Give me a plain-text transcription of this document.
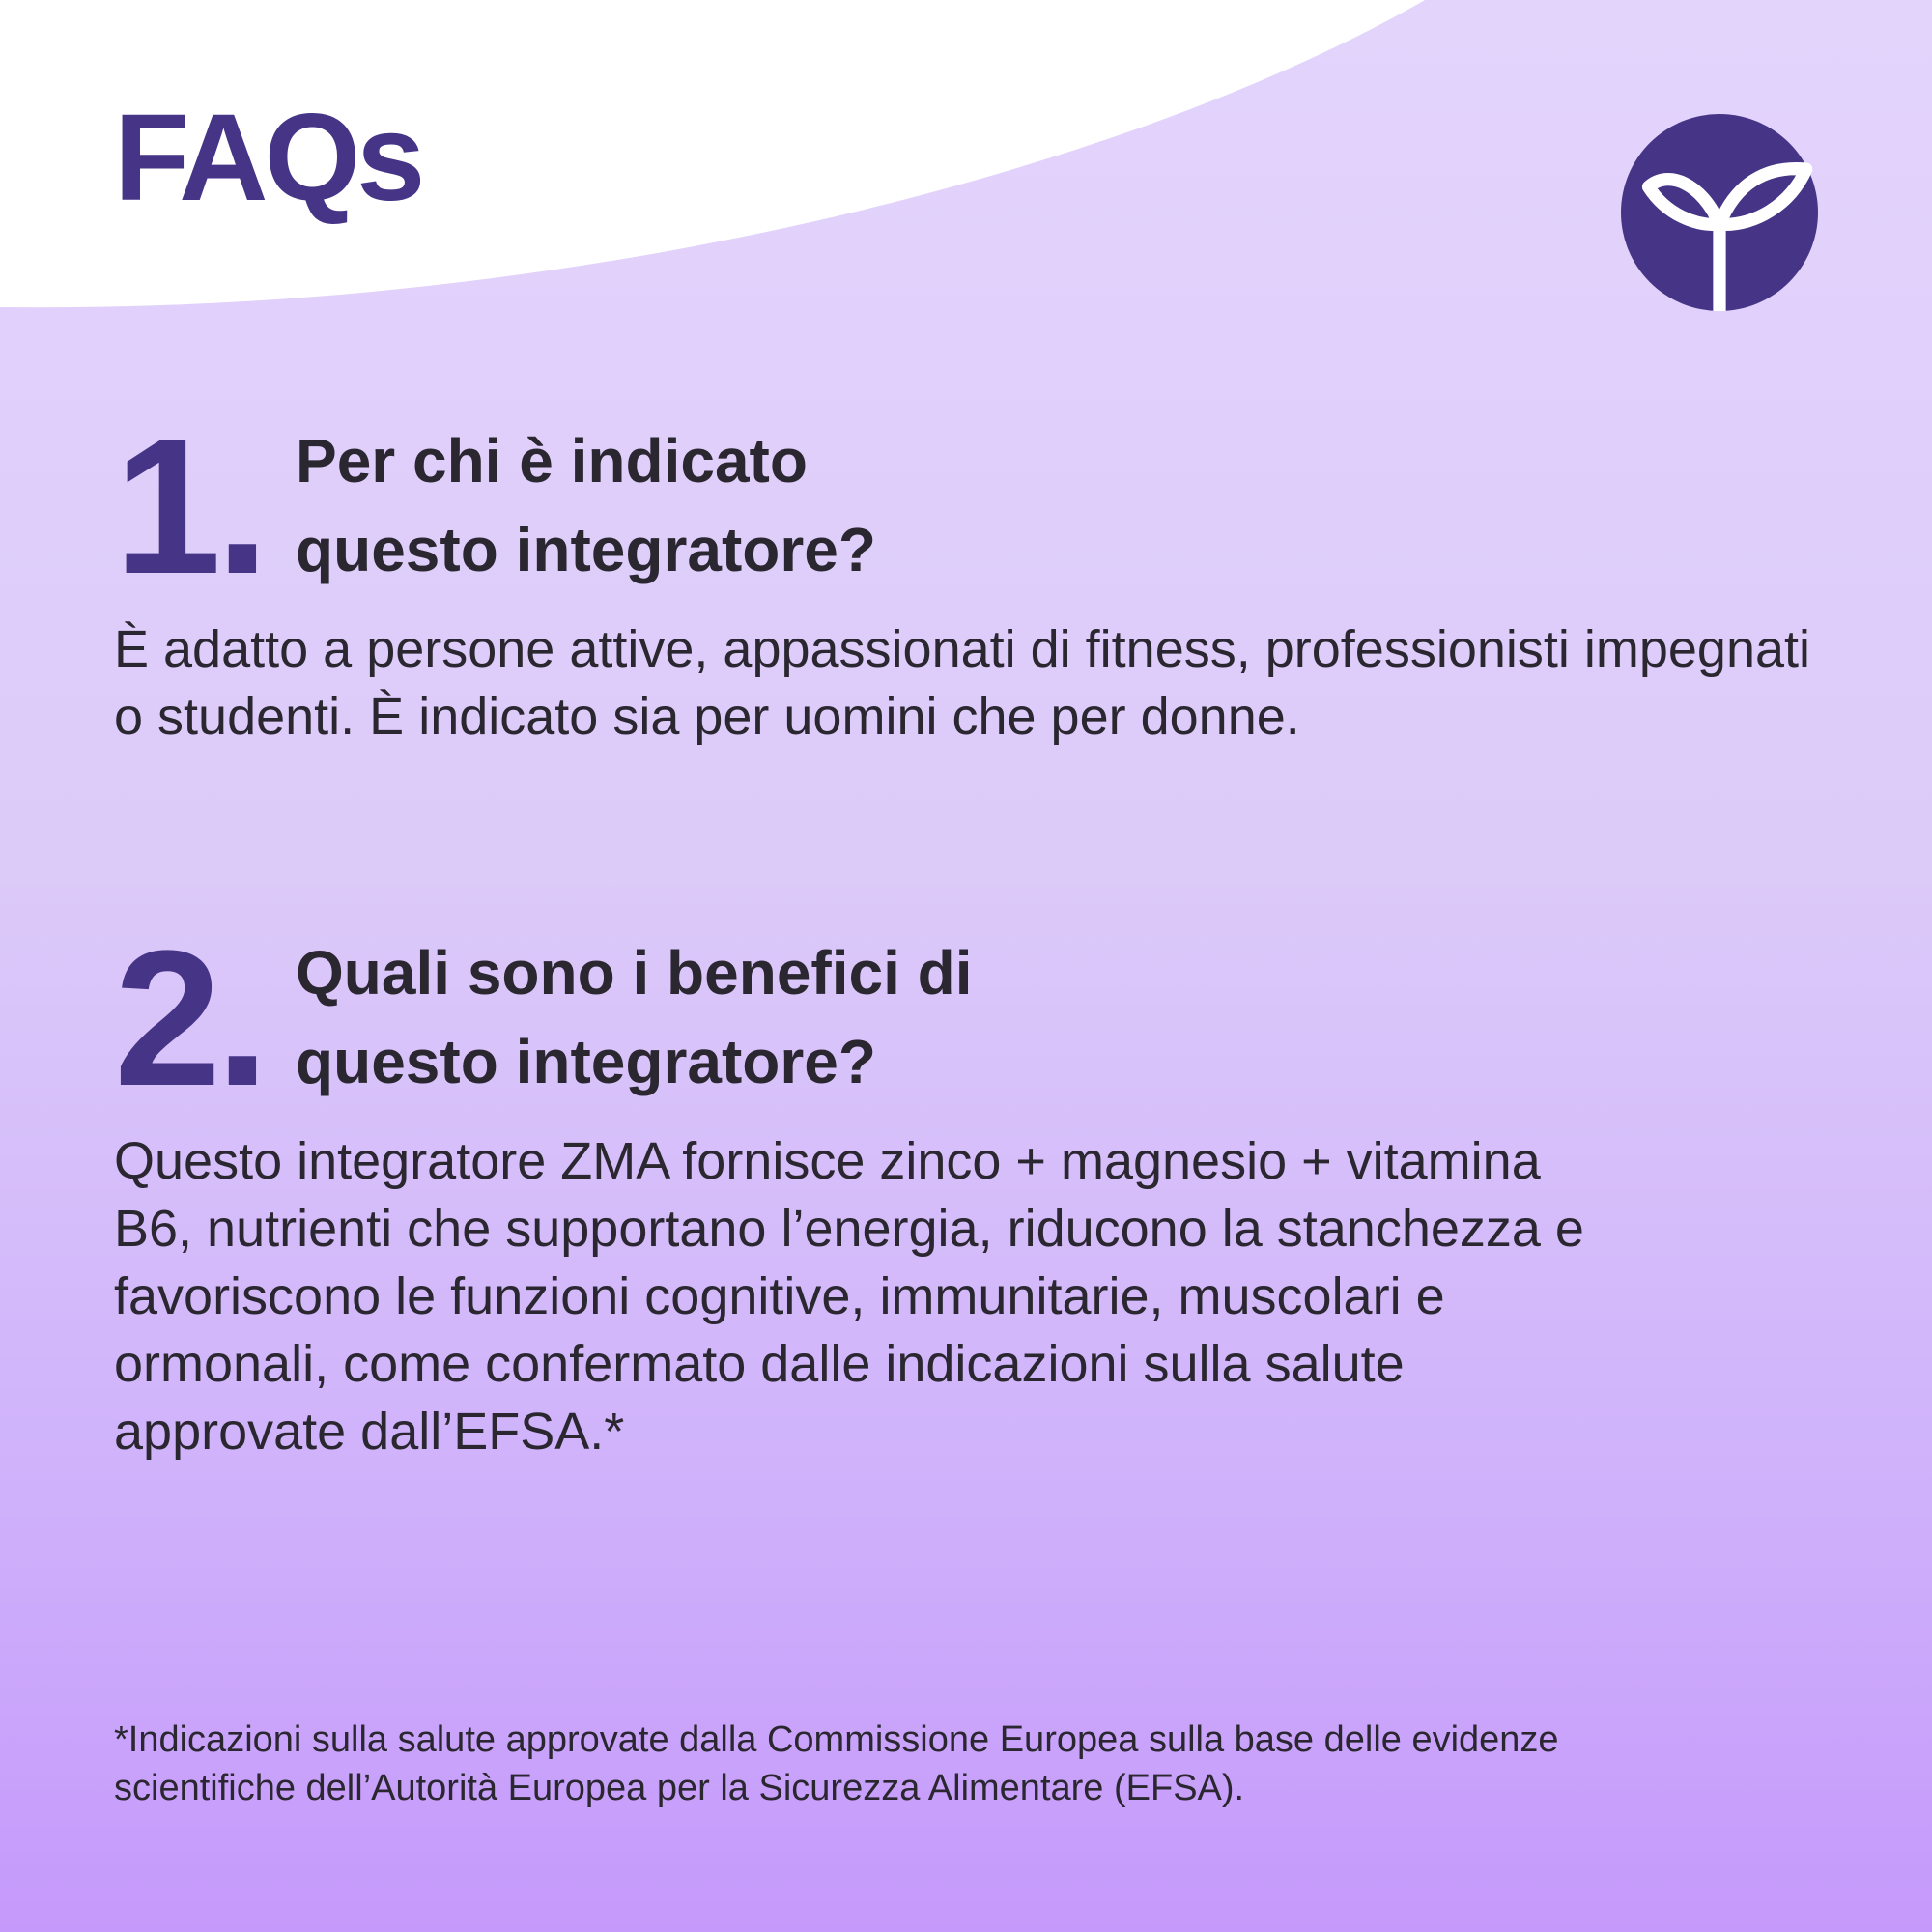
FAQs
1. Per chi è indicato
questo integratore?

È adatto a persone attive, appassionati di fitness, professionisti impegnati o studenti. È indicato sia per uomini che per donne.

2. Quali sono i benefici di
questo integratore?

Questo integratore ZMA fornisce zinco + magnesio + vitamina B6, nutrienti che supportano l’energia, riducono la stanchezza e favoriscono le funzioni cognitive, immunitarie, muscolari e ormonali, come confermato dalle indicazioni sulla salute approvate dall’EFSA.*

*Indicazioni sulla salute approvate dalla Commissione Europea sulla base delle evidenze scientifiche dell’Autorità Europea per la Sicurezza Alimentare (EFSA).
